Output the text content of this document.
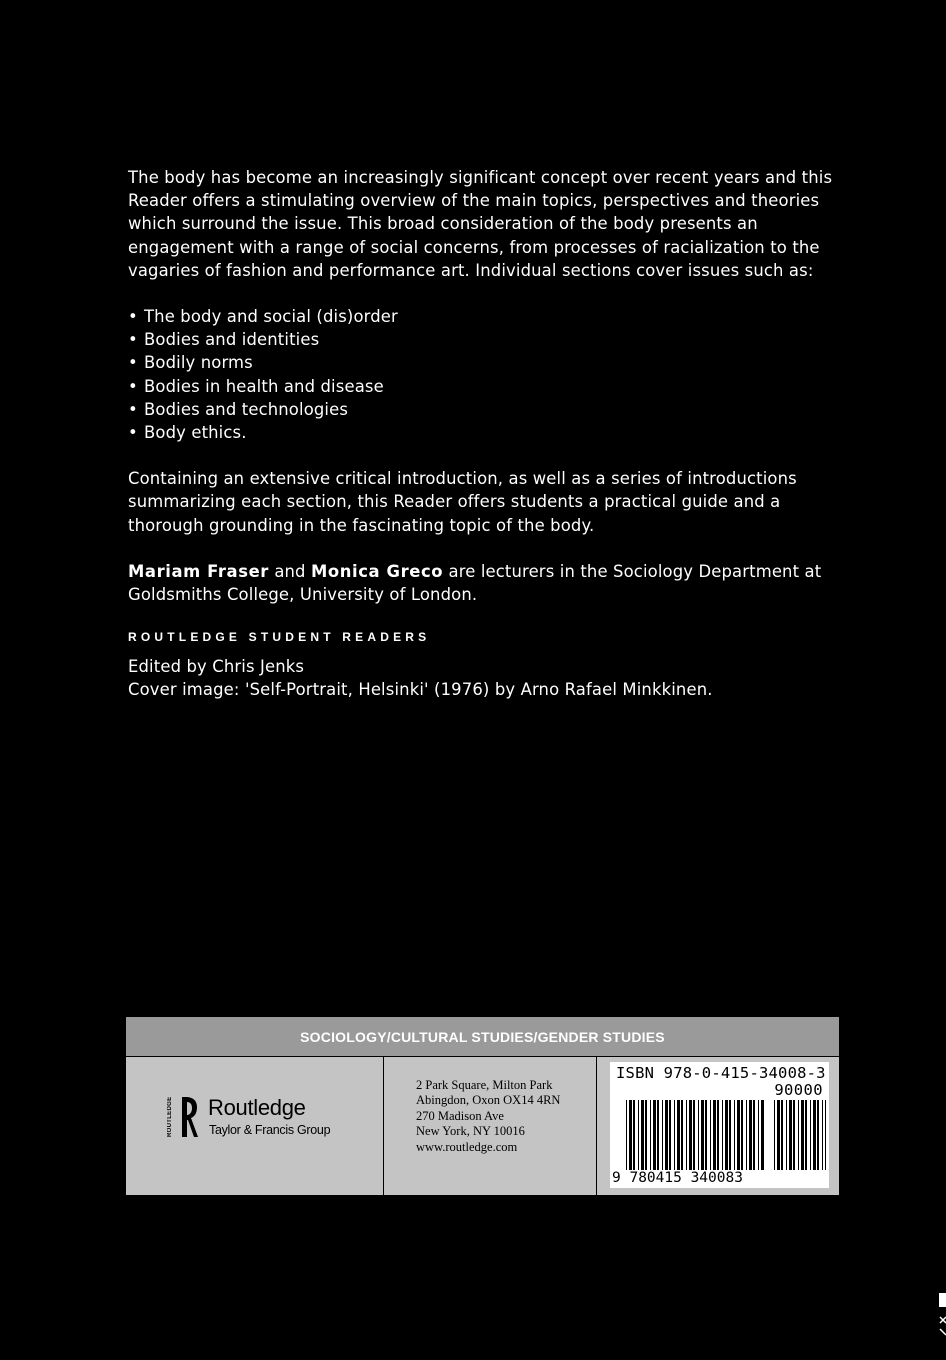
The body has become an increasingly significant concept over recent years and this Reader offers a stimulating overview of the main topics, perspectives and theories which surround the issue. This broad consideration of the body presents an engagement with a range of social concerns, from processes of racialization to the vagaries of fashion and performance art. Individual sections cover issues such as:

• The body and social (dis)order
• Bodies and identities
• Bodily norms
• Bodies in health and disease
• Bodies and technologies
• Body ethics.

Containing an extensive critical introduction, as well as a series of introductions summarizing each section, this Reader offers students a practical guide and a thorough grounding in the fascinating topic of the body.

Mariam Fraser and Monica Greco are lecturers in the Sociology Department at Goldsmiths College, University of London.

ROUTLEDGE STUDENT READERS
Edited by Chris Jenks
Cover image: 'Self-Portrait, Helsinki' (1976) by Arno Rafael Minkkinen.
SOCIOLOGY/CULTURAL STUDIES/GENDER STUDIES
ROUTLEDGE Routledge
Taylor & Francis Group
2 Park Square, Milton Park
Abingdon, Oxon OX14 4RN
270 Madison Ave
New York, NY 10016
www.routledge.com
ISBN 978-0-415-34008-3
90000
9 780415 340083
